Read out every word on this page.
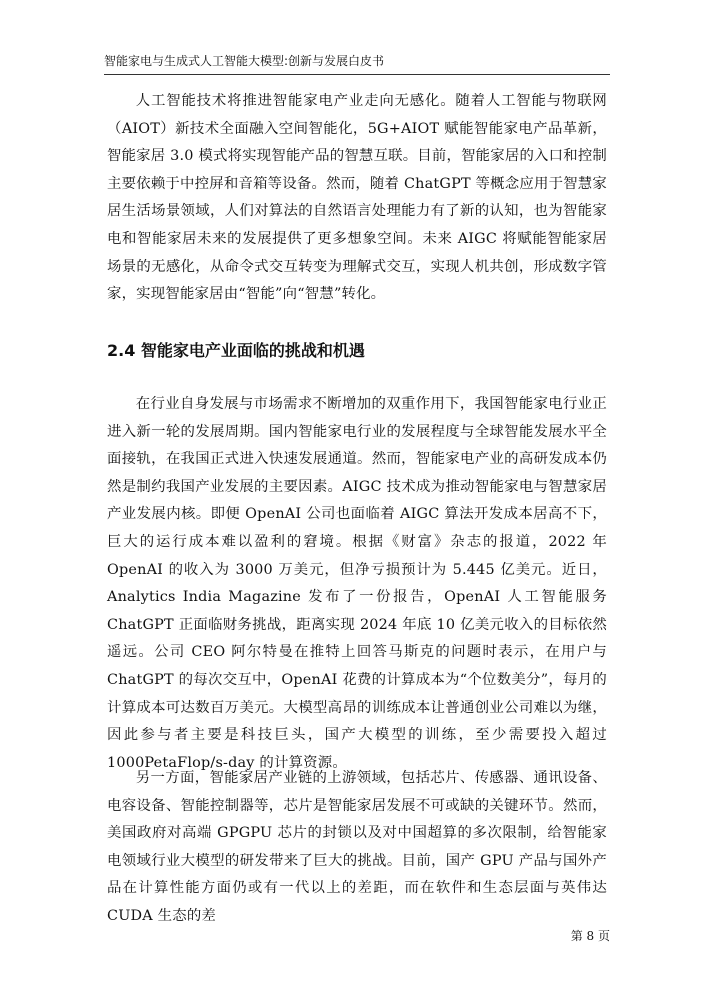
智能家电与生成式人工智能大模型:创新与发展白皮书

人工智能技术将推进智能家电产业走向无感化。随着人工智能与物联网（AIOT）新技术全面融入空间智能化，5G+AIOT 赋能智能家电产品革新，智能家居 3.0 模式将实现智能产品的智慧互联。目前，智能家居的入口和控制主要依赖于中控屏和音箱等设备。然而，随着 ChatGPT 等概念应用于智慧家居生活场景领域，人们对算法的自然语言处理能力有了新的认知，也为智能家电和智能家居未来的发展提供了更多想象空间。未来 AIGC 将赋能智能家居场景的无感化，从命令式交互转变为理解式交互，实现人机共创，形成数字管家，实现智能家居由“智能”向“智慧”转化。

2.4 智能家电产业面临的挑战和机遇

在行业自身发展与市场需求不断增加的双重作用下，我国智能家电行业正进入新一轮的发展周期。国内智能家电行业的发展程度与全球智能发展水平全面接轨，在我国正式进入快速发展通道。然而，智能家电产业的高研发成本仍然是制约我国产业发展的主要因素。AIGC 技术成为推动智能家电与智慧家居产业发展内核。即便 OpenAI 公司也面临着 AIGC 算法开发成本居高不下，巨大的运行成本难以盈利的窘境。根据《财富》杂志的报道，2022 年 OpenAI 的收入为 3000 万美元，但净亏损预计为 5.445 亿美元。近日，Analytics India Magazine 发布了一份报告，OpenAI 人工智能服务 ChatGPT 正面临财务挑战，距离实现 2024 年底 10 亿美元收入的目标依然遥远。公司 CEO 阿尔特曼在推特上回答马斯克的问题时表示，在用户与 ChatGPT 的每次交互中，OpenAI 花费的计算成本为“个位数美分”，每月的计算成本可达数百万美元。大模型高昂的训练成本让普通创业公司难以为继，因此参与者主要是科技巨头，国产大模型的训练，至少需要投入超过 1000PetaFlop/s-day 的计算资源。

另一方面，智能家居产业链的上游领域，包括芯片、传感器、通讯设备、电容设备、智能控制器等，芯片是智能家居发展不可或缺的关键环节。然而，美国政府对高端 GPGPU 芯片的封锁以及对中国超算的多次限制，给智能家电领域行业大模型的研发带来了巨大的挑战。目前，国产 GPU 产品与国外产品在计算性能方面仍或有一代以上的差距，而在软件和生态层面与英伟达 CUDA 生态的差

第 8 页
